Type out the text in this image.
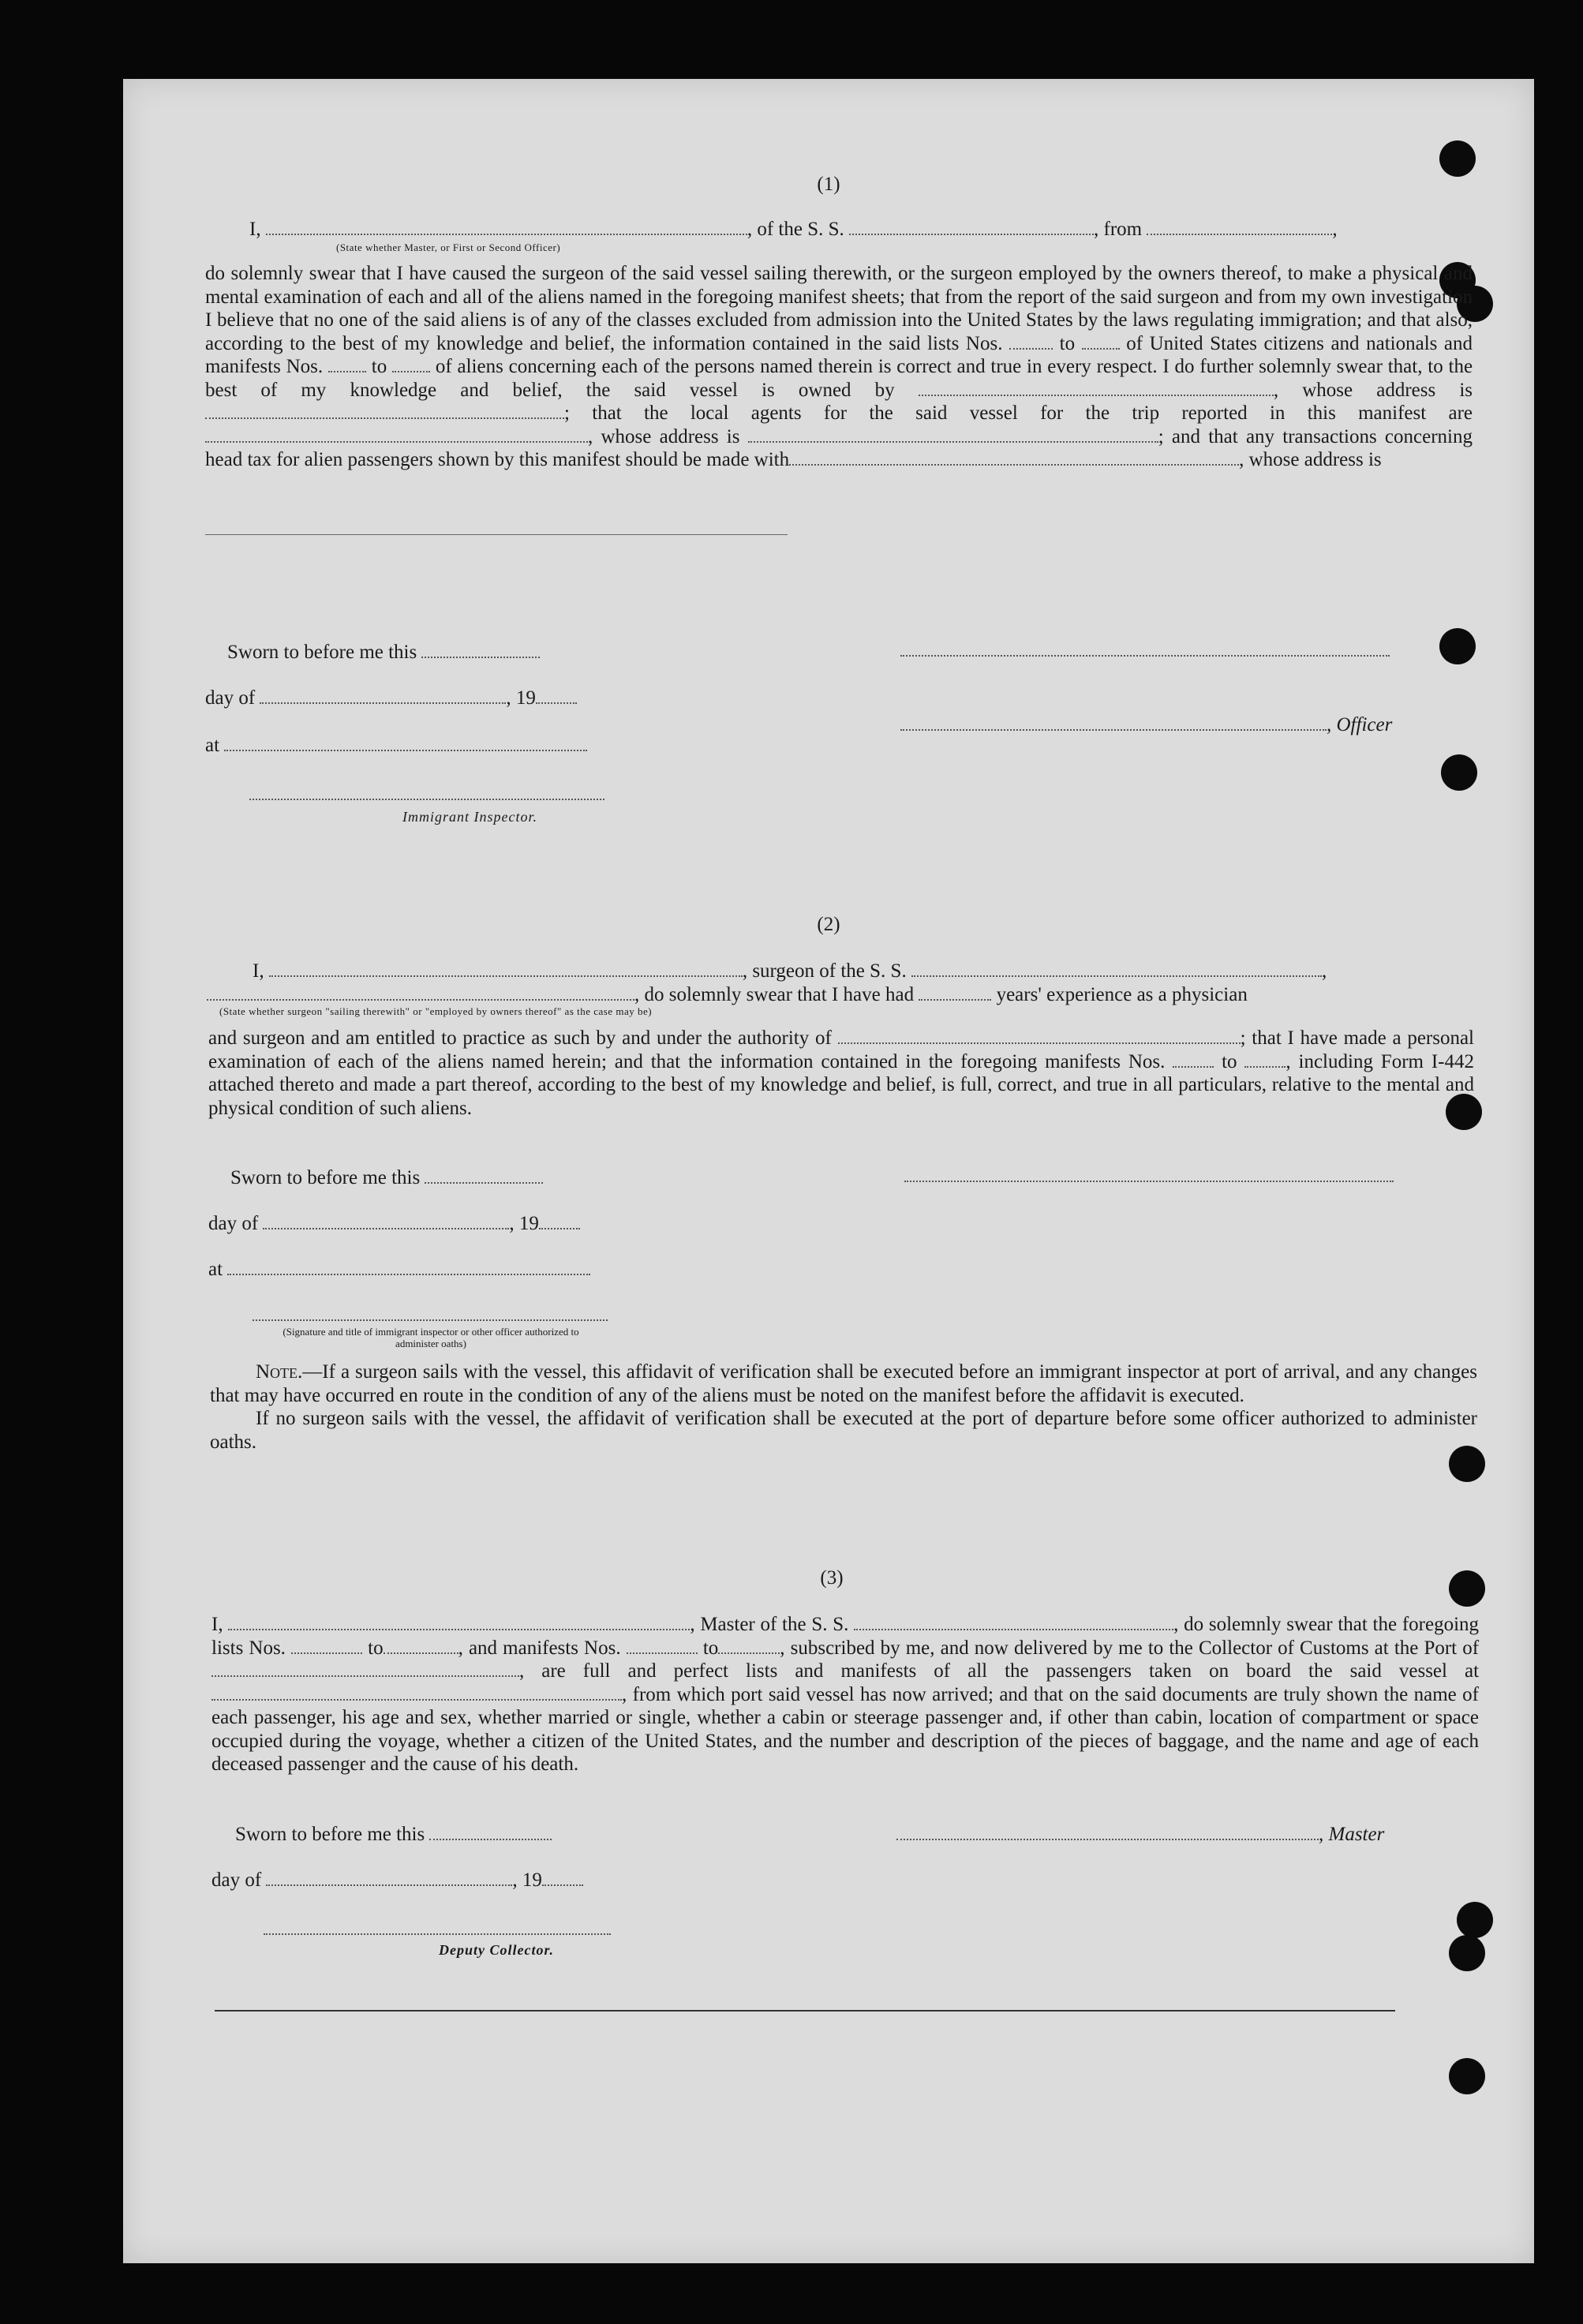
(1)
I,	, of the S. S.	, from	,
(State whether Master, or First or Second Officer)

do solemnly swear that I have caused the surgeon of the said vessel sailing therewith, or the surgeon employed by the owners thereof, to make a physical and mental examination of each and all of the aliens named in the foregoing manifest sheets; that from the report of the said surgeon and from my own investigation I believe that no one of the said aliens is of any of the classes excluded from admission into the United States by the laws regulating immigration; and that also, according to the best of my knowledge and belief, the information contained in the said lists Nos.	to	of United States citizens and nationals and manifests Nos. to of aliens concerning each of the persons named therein is correct and true in every respect. I do further solemnly swear that, to the best of my knowledge and belief, the said vessel is owned by	, whose address is ; that the local agents for the said vessel for the trip reported in this manifest are , whose address is	; and that any transactions concerning head tax for alien passengers shown by this manifest should be made with	, whose address is

Sworn to before me this
day of	, 19
, Officer
at
Immigrant Inspector.
(2)
I,	, surgeon of the S. S.	,
, do solemnly swear that I have had	years' experience as a physician
(State whether surgeon "sailing therewith" or "employed by owners thereof" as the case may be)

and surgeon and am entitled to practice as such by and under the authority of	; that I have made a personal examination of each of the aliens named herein; and that the information contained in the foregoing manifests Nos.	to , including Form I-442 attached thereto and made a part thereof, according to the best of my knowledge and belief, is full, correct, and true in all particulars, relative to the mental and physical condition of such aliens.

Sworn to before me this
day of	, 19
at
(Signature and title of immigrant inspector or other officer authorized to administer oaths)

Note.—If a surgeon sails with the vessel, this affidavit of verification shall be executed before an immigrant inspector at port of arrival, and any changes that may have occurred en route in the condition of any of the aliens must be noted on the manifest before the affidavit is executed.

If no surgeon sails with the vessel, the affidavit of verification shall be executed at the port of departure before some officer authorized to administer oaths.

(3)

I,	, Master of the S. S.	, do solemnly swear that the foregoing lists Nos.	to	, and manifests Nos.	to	, subscribed by me, and now delivered by me to the Collector of Customs at the Port of, are full and perfect lists and manifests of all the passengers taken on board the said vessel at , from which port said vessel has now arrived; and that on the said documents are truly shown the name of each passenger, his age and sex, whether married or single, whether a cabin or steerage passenger and, if other than cabin, location of compartment or space occupied during the voyage, whether a citizen of the United States, and the number and description of the pieces of baggage, and the name and age of each deceased passenger and the cause of his death.

Sworn to before me this	, Master
day of	, 19
Deputy Collector.
